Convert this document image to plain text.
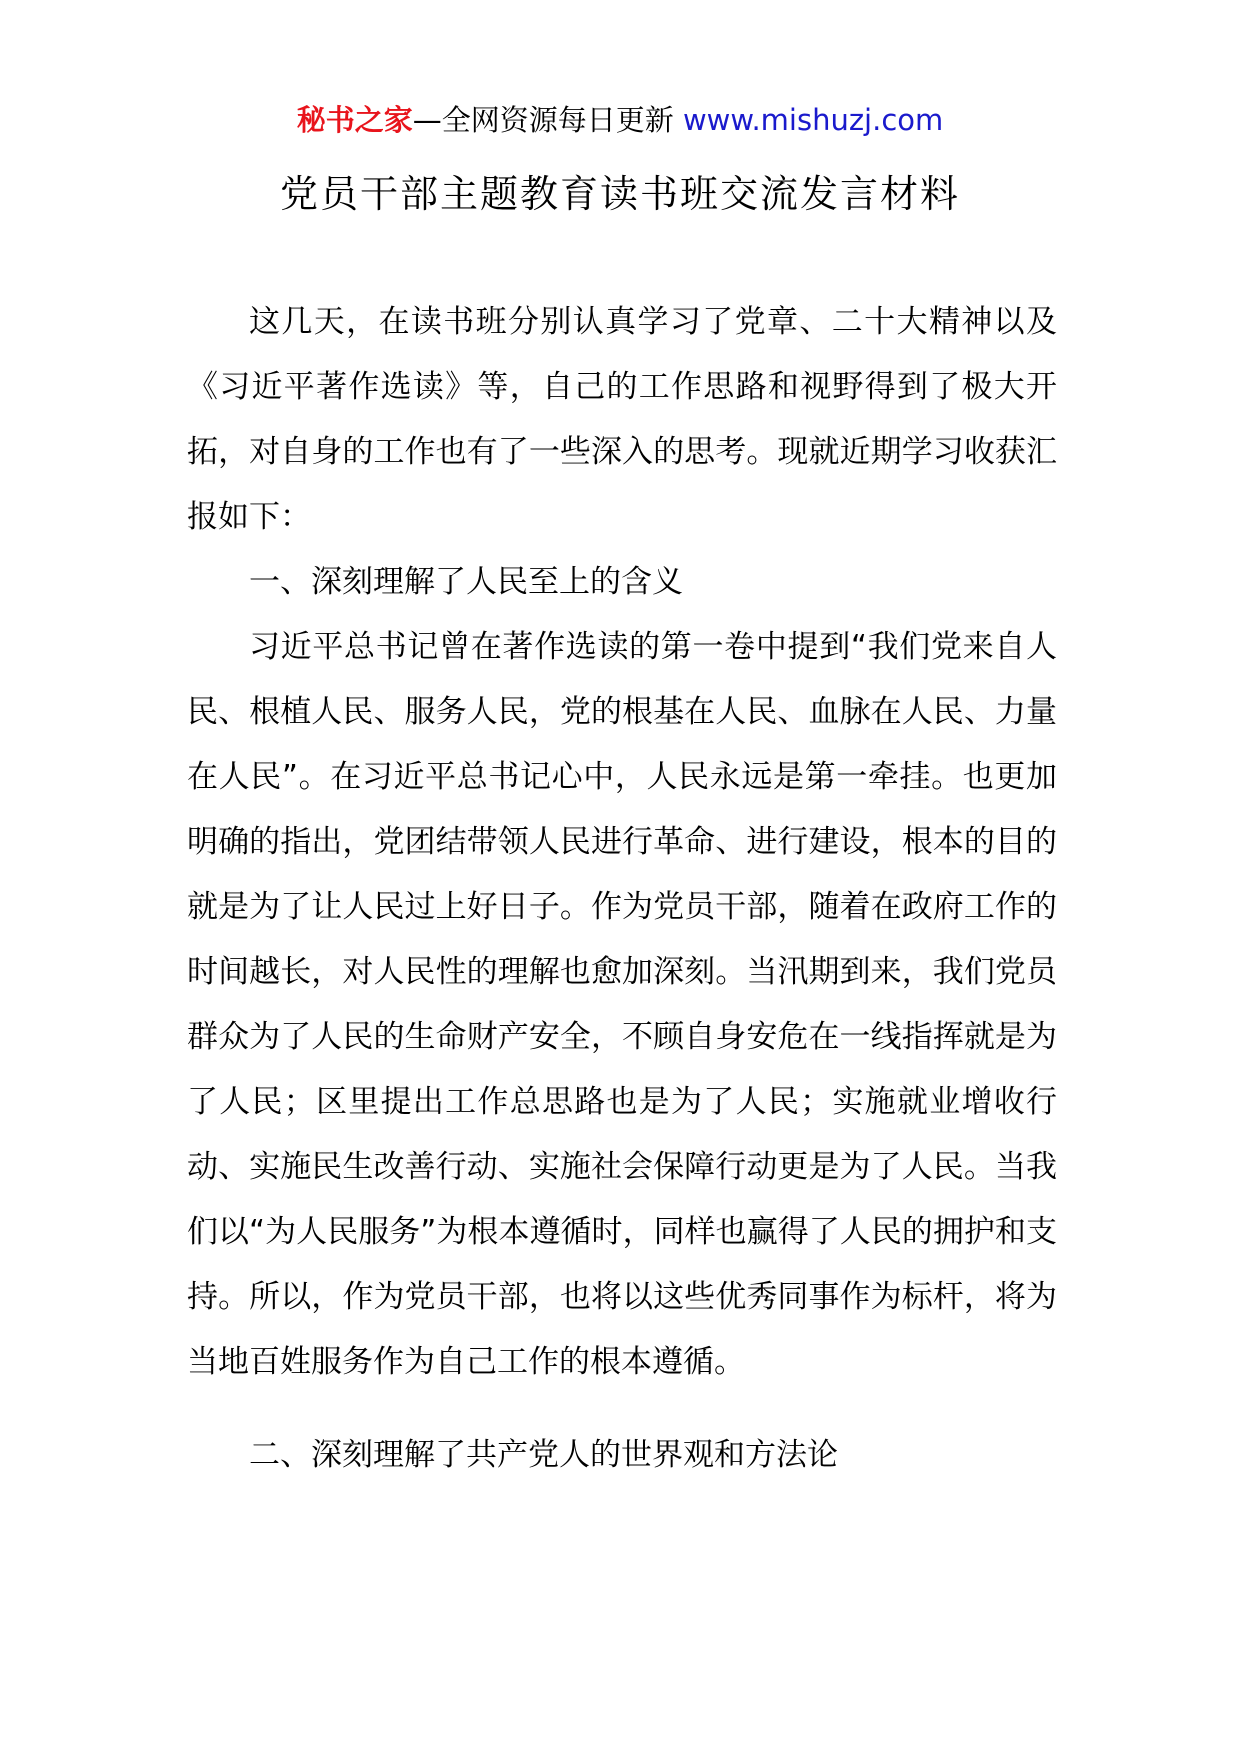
秘书之家—全网资源每日更新 www.mishuzj.com
党员干部主题教育读书班交流发言材料

这几天，在读书班分别认真学习了党章、二十大精神以及《习近平著作选读》等，自己的工作思路和视野得到了极大开拓，对自身的工作也有了一些深入的思考。现就近期学习收获汇报如下：

一、深刻理解了人民至上的含义

习近平总书记曾在著作选读的第一卷中提到“我们党来自人民、根植人民、服务人民，党的根基在人民、血脉在人民、力量在人民”。在习近平总书记心中，人民永远是第一牵挂。也更加明确的指出，党团结带领人民进行革命、进行建设，根本的目的就是为了让人民过上好日子。作为党员干部，随着在政府工作的时间越长，对人民性的理解也愈加深刻。当汛期到来，我们党员群众为了人民的生命财产安全，不顾自身安危在一线指挥就是为了人民；区里提出工作总思路也是为了人民；实施就业增收行动、实施民生改善行动、实施社会保障行动更是为了人民。当我们以“为人民服务”为根本遵循时，同样也赢得了人民的拥护和支持。所以，作为党员干部，也将以这些优秀同事作为标杆，将为当地百姓服务作为自己工作的根本遵循。

二、深刻理解了共产党人的世界观和方法论
